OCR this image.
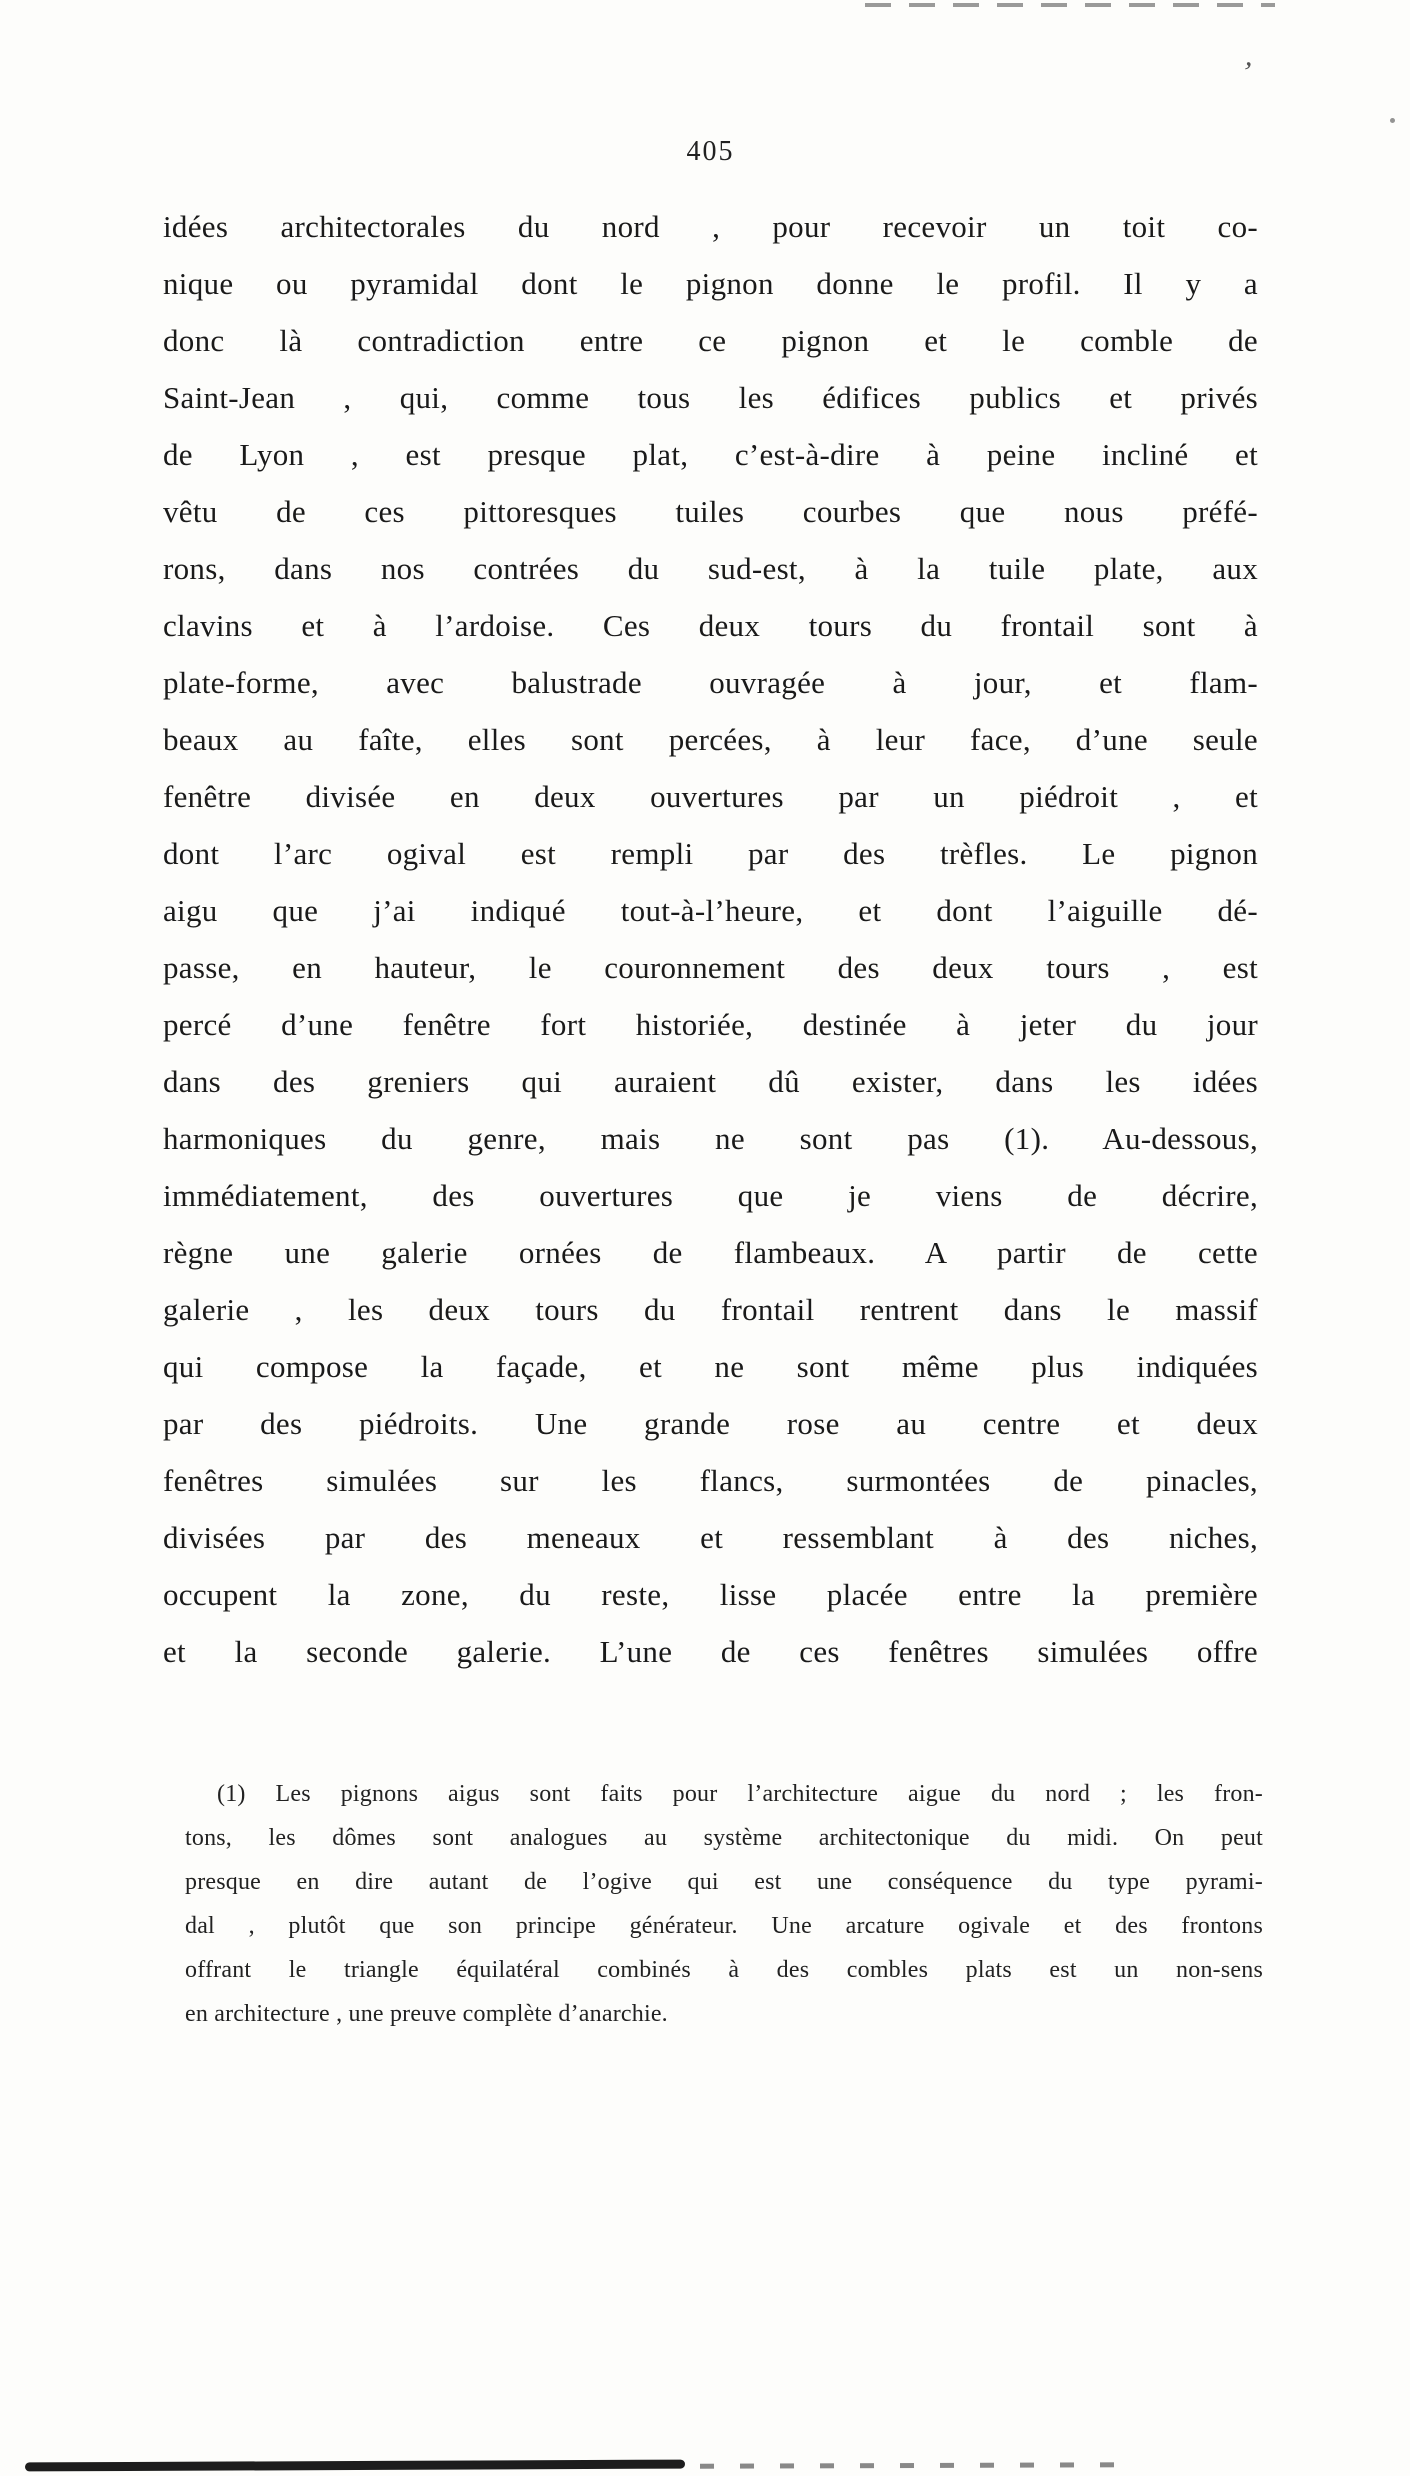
’
405
idées architectorales du nord , pour recevoir un toit co-
nique ou pyramidal dont le pignon donne le profil. Il y a
donc là contradiction entre ce pignon et le comble de
Saint-Jean , qui, comme tous les édifices publics et privés
de Lyon , est presque plat, c’est-à-dire à peine incliné et
vêtu de ces pittoresques tuiles courbes que nous préfé-
rons, dans nos contrées du sud-est, à la tuile plate, aux
clavins et à l’ardoise. Ces deux tours du frontail sont à
plate-forme, avec balustrade ouvragée à jour, et flam-
beaux au faîte, elles sont percées, à leur face, d’une seule
fenêtre divisée en deux ouvertures par un piédroit , et
dont l’arc ogival est rempli par des trèfles. Le pignon
aigu que j’ai indiqué tout-à-l’heure, et dont l’aiguille dé-
passe, en hauteur, le couronnement des deux tours , est
percé d’une fenêtre fort historiée, destinée à jeter du jour
dans des greniers qui auraient dû exister, dans les idées
harmoniques du genre, mais ne sont pas (1). Au-dessous,
immédiatement, des ouvertures que je viens de décrire,
règne une galerie ornées de flambeaux. A partir de cette
galerie , les deux tours du frontail rentrent dans le massif
qui compose la façade, et ne sont même plus indiquées
par des piédroits. Une grande rose au centre et deux
fenêtres simulées sur les flancs, surmontées de pinacles,
divisées par des meneaux et ressemblant à des niches,
occupent la zone, du reste, lisse placée entre la première
et la seconde galerie. L’une de ces fenêtres simulées offre
(1) Les pignons aigus sont faits pour l’architecture aigue du nord ; les fron-
tons, les dômes sont analogues au système architectonique du midi. On peut
presque en dire autant de l’ogive qui est une conséquence du type pyrami-
dal , plutôt que son principe générateur. Une arcature ogivale et des frontons
offrant le triangle équilatéral combinés à des combles plats est un non-sens
en architecture , une preuve complète d’anarchie.
